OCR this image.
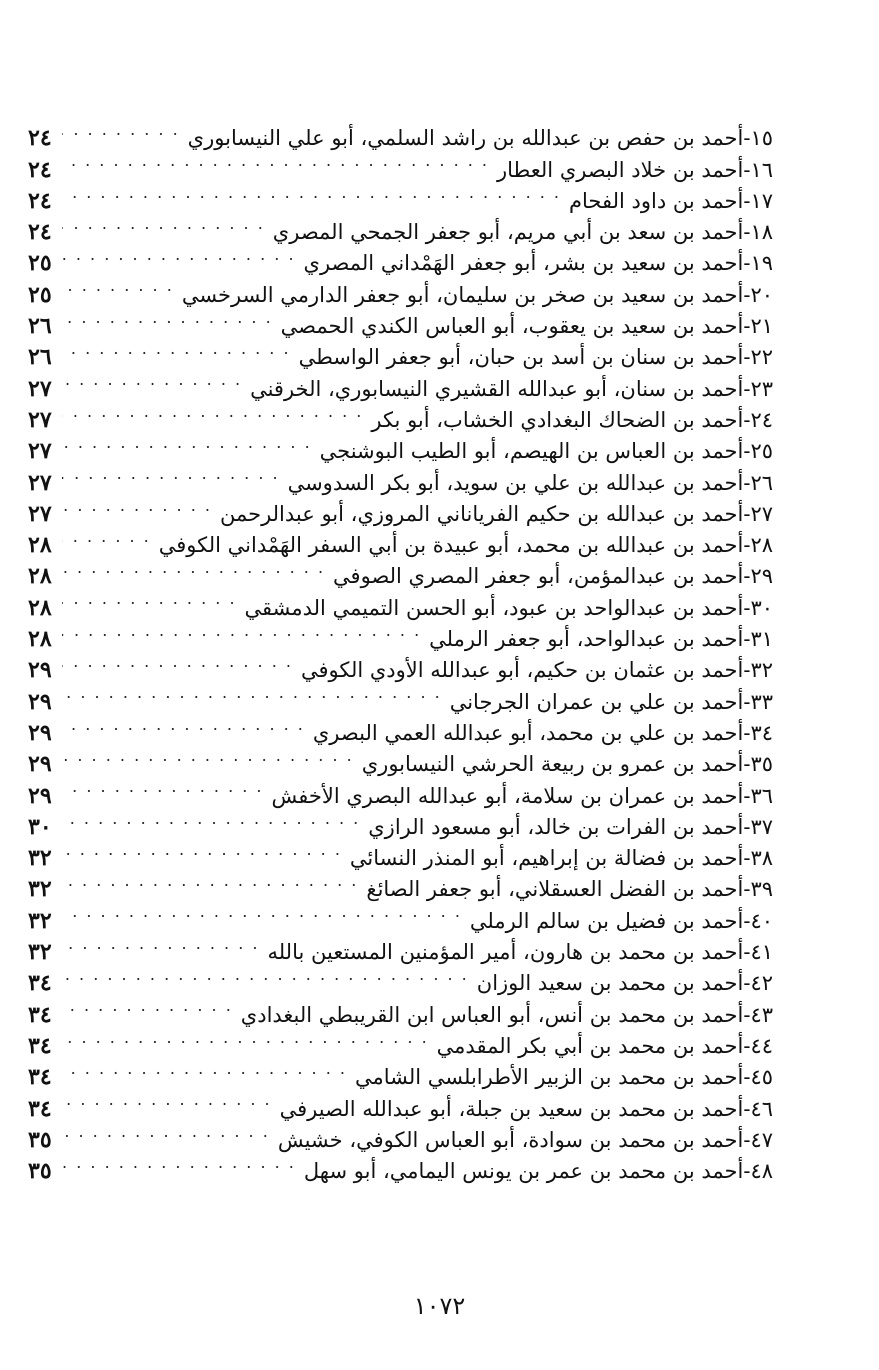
١٥-
أحمد بن حفص بن عبدالله بن راشد السلمي، أبو علي النيسابوري
. . .
٢٤
١٦-
أحمد بن خلاد البصري العطار
. . .
٢٤
١٧-
أحمد بن داود الفحام
. . .
٢٤
١٨-
أحمد بن سعد بن أبي مريم، أبو جعفر الجمحي المصري
. . .
٢٤
١٩-
أحمد بن سعيد بن بشر، أبو جعفر الهَمْداني المصري
. . .
٢٥
٢٠-
أحمد بن سعيد بن صخر بن سليمان، أبو جعفر الدارمي السرخسي
. . .
٢٥
٢١-
أحمد بن سعيد بن يعقوب، أبو العباس الكندي الحمصي
. . .
٢٦
٢٢-
أحمد بن سنان بن أسد بن حبان، أبو جعفر الواسطي
. . .
٢٦
٢٣-
أحمد بن سنان، أبو عبدالله القشيري النيسابوري، الخرقني
. . .
٢٧
٢٤-
أحمد بن الضحاك البغدادي الخشاب، أبو بكر
. . .
٢٧
٢٥-
أحمد بن العباس بن الهيصم، أبو الطيب البوشنجي
. . .
٢٧
٢٦-
أحمد بن عبدالله بن علي بن سويد، أبو بكر السدوسي
. . .
٢٧
٢٧-
أحمد بن عبدالله بن حكيم الفرياناني المروزي، أبو عبدالرحمن
. . .
٢٧
٢٨-
أحمد بن عبدالله بن محمد، أبو عبيدة بن أبي السفر الهَمْداني الكوفي
. . .
٢٨
٢٩-
أحمد بن عبدالمؤمن، أبو جعفر المصري الصوفي
. . .
٢٨
٣٠-
أحمد بن عبدالواحد بن عبود، أبو الحسن التميمي الدمشقي
. . .
٢٨
٣١-
أحمد بن عبدالواحد، أبو جعفر الرملي
. . .
٢٨
٣٢-
أحمد بن عثمان بن حكيم، أبو عبدالله الأودي الكوفي
. . .
٢٩
٣٣-
أحمد بن علي بن عمران الجرجاني
. . .
٢٩
٣٤-
أحمد بن علي بن محمد، أبو عبدالله العمي البصري
. . .
٢٩
٣٥-
أحمد بن عمرو بن ربيعة الحرشي النيسابوري
. . .
٢٩
٣٦-
أحمد بن عمران بن سلامة، أبو عبدالله البصري الأخفش
. . .
٢٩
٣٧-
أحمد بن الفرات بن خالد، أبو مسعود الرازي
. . .
٣٠
٣٨-
أحمد بن فضالة بن إبراهيم، أبو المنذر النسائي
. . .
٣٢
٣٩-
أحمد بن الفضل العسقلاني، أبو جعفر الصائغ
. . .
٣٢
٤٠-
أحمد بن فضيل بن سالم الرملي
. . .
٣٢
٤١-
أحمد بن محمد بن هارون، أمير المؤمنين المستعين بالله
. . .
٣٢
٤٢-
أحمد بن محمد بن سعيد الوزان
. . .
٣٤
٤٣-
أحمد بن محمد بن أنس، أبو العباس ابن القريبطي البغدادي
. . .
٣٤
٤٤-
أحمد بن محمد بن أبي بكر المقدمي
. . .
٣٤
٤٥-
أحمد بن محمد بن الزبير الأطرابلسي الشامي
. . .
٣٤
٤٦-
أحمد بن محمد بن سعيد بن جبلة، أبو عبدالله الصيرفي
. . .
٣٤
٤٧-
أحمد بن محمد بن سوادة، أبو العباس الكوفي، خشيش
. . .
٣٥
٤٨-
أحمد بن محمد بن عمر بن يونس اليمامي، أبو سهل
. . .
٣٥
١٠٧٢
